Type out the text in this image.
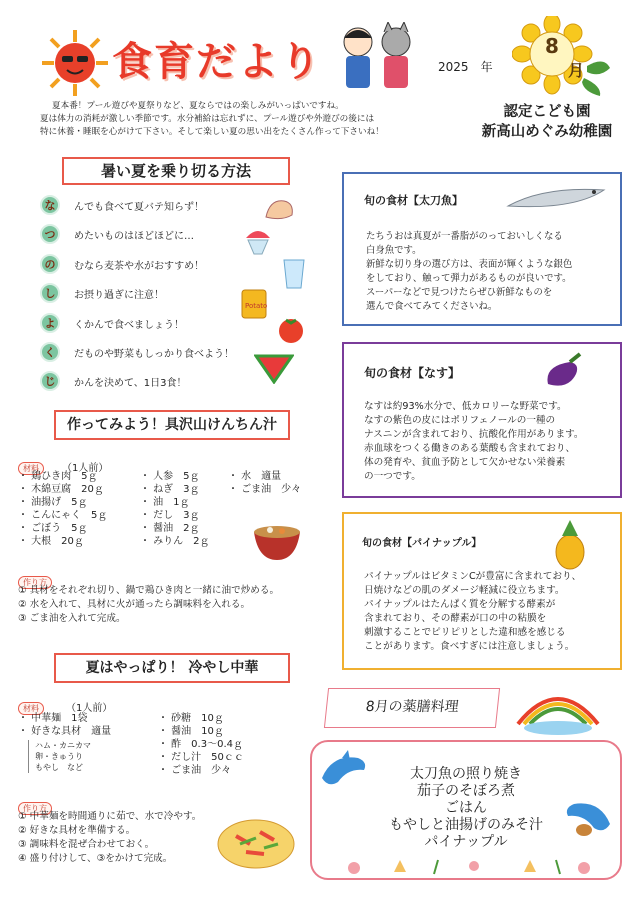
食育だより	2025　 年
8
月
夏本番！プール遊びや夏祭りなど、夏ならではの楽しみがいっぱいですね。
夏は体力の消耗が激しい季節です。水分補給は忘れずに、プール遊びや外遊びの後には
特に休養・睡眠を心がけて下さい。そして楽しい夏の思い出をたくさん作って下さいね！
認定こども園
新高山めぐみ幼稚園
暑い夏を乗り切る方法
な	んでも食べて夏バテ知らず！
つ	めたいものはほどほどに…
の	むなら麦茶や水がおすすめ！
し	お摂り過ぎに注意！
よ	くかんで食べましょう！
く	だものや野菜もしっかり食べよう！
じ	かんを決めて、1日3食！
Potato
作ってみよう！具沢山けんちん汁
材料 （1人前）
・ 鶏ひき肉　5ｇ
・ 木綿豆腐　20ｇ
・ 油揚げ　5ｇ
・ こんにゃく　5ｇ
・ ごぼう　5ｇ
・ 大根　20ｇ
・ 人参　5ｇ
・ ねぎ　3ｇ
・ 油　1ｇ
・ だし　3ｇ
・ 醤油　2ｇ
・ みりん　2ｇ
・ 水　適量
・ ごま油　少々
作り方
① 具材をそれぞれ切り、鍋で鶏ひき肉と一緒に油で炒める。
② 水を入れて、具材に火が通ったら調味料を入れる。
③ ごま油を入れて完成。
夏はやっぱり！ 冷やし中華
材料	（1人前）
・ 中華麺　1袋
・ 好きな具材　適量
ハム・カニカマ
卵・きゅうり
もやし　など
・ 砂糖　10ｇ
・ 醤油　10ｇ
・ 酢　0.3～0.4ｇ
・ だし汁　50ｃｃ
・ ごま油　少々
作り方
① 中華麺を時間通りに茹で、水で冷やす。
② 好きな具材を準備する。
③ 調味料を混ぜ合わせておく。
④ 盛り付けして、③をかけて完成。
旬の食材【太刀魚】
たちうおは真夏が一番脂がのっておいしくなる
白身魚です。
新鮮な切り身の選び方は、表面が輝くような銀色
をしており、触って弾力があるものが良いです。
スーパーなどで見つけたらぜひ新鮮なものを
選んで食べてみてくださいね。
旬の食材【なす】
なすは約93%水分で、低カロリーな野菜です。
なすの紫色の皮にはポリフェノールの一種の
ナスニンが含まれており、抗酸化作用があります。
赤血球をつくる働きのある葉酸も含まれており、
体の発育や、貧血予防として欠かせない栄養素
の一つです。
旬の食材【パイナップル】
パイナップルはビタミンCが豊富に含まれており、
日焼けなどの肌のダメージ軽減に役立ちます。
パイナップルはたんぱく質を分解する酵素が
含まれており、その酵素が口の中の粘膜を
刺激することでピリピリとした違和感を感じる
ことがあります。食べすぎには注意しましょう。
8月の薬膳料理
太刀魚の照り焼き
茄子のそぼろ煮
ごはん
もやしと油揚げのみそ汁
パイナップル
